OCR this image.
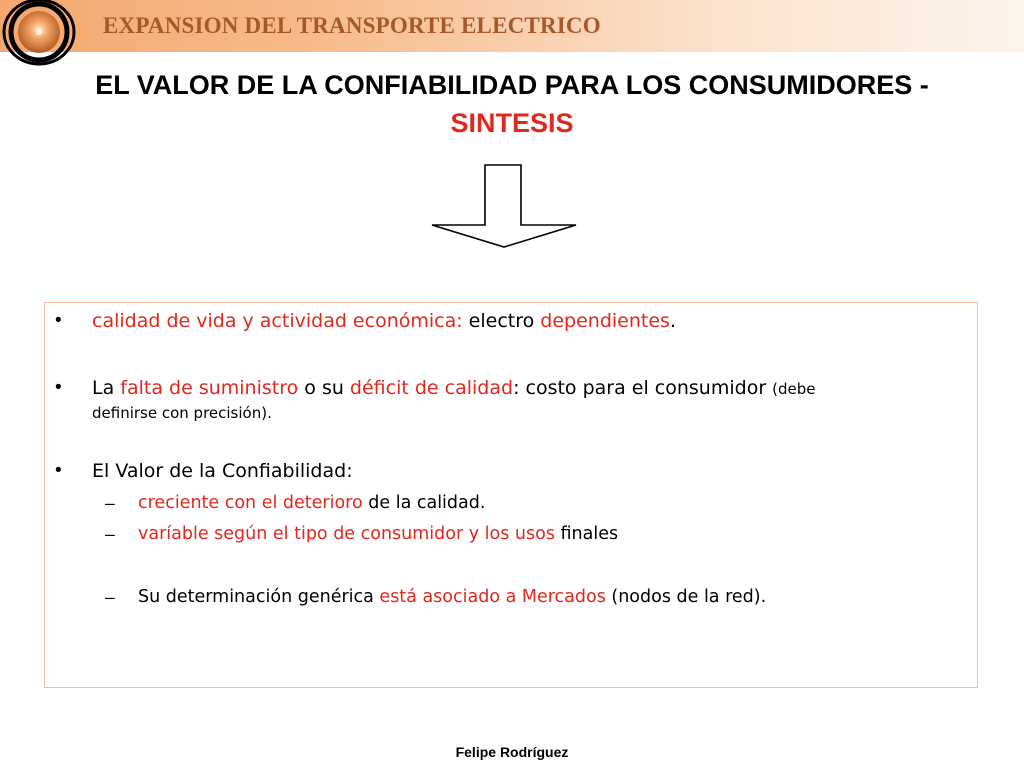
EXPANSION DEL TRANSPORTE ELECTRICO
EL VALOR DE LA CONFIABILIDAD PARA LOS CONSUMIDORES -
SINTESIS
• calidad de vida y actividad económica: electro dependientes.
• La falta de suministro o su déficit de calidad: costo para el consumidor (debe
definirse con precisión).
• El Valor de la Confiabilidad:
– creciente con el deterioro de la calidad.
– varíable según el tipo de consumidor y los usos finales
– Su determinación genérica está asociado a Mercados (nodos de la red).
Felipe Rodríguez
